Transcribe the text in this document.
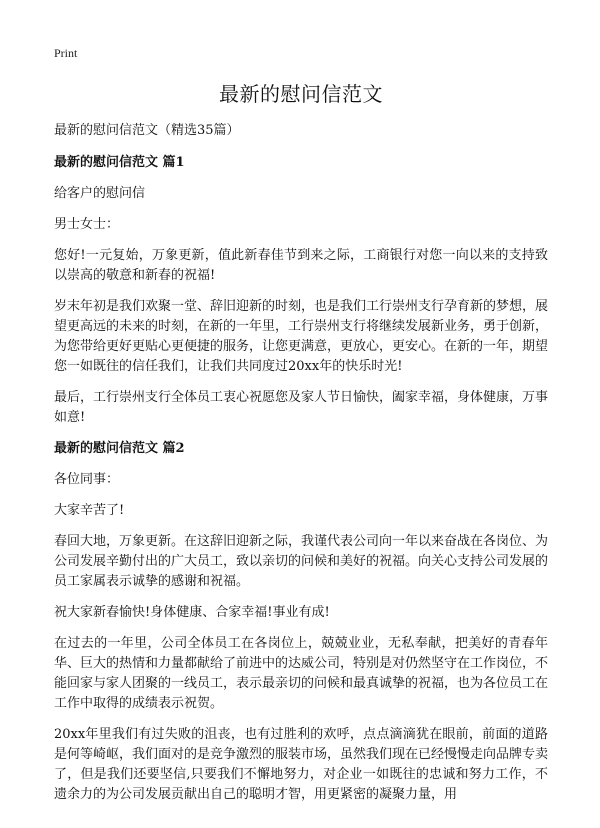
Print
最新的慰问信范文

最新的慰问信范文（精选35篇）

最新的慰问信范文 篇1

给客户的慰问信

男士女士：

您好!一元复始，万象更新，值此新春佳节到来之际，工商银行对您一向以来的支持致以崇高的敬意和新春的祝福!

岁末年初是我们欢聚一堂、辞旧迎新的时刻，也是我们工行崇州支行孕育新的梦想，展望更高远的未来的时刻，在新的一年里，工行崇州支行将继续发展新业务，勇于创新，为您带给更好更贴心更便捷的服务，让您更满意，更放心，更安心。在新的一年，期望您一如既往的信任我们，让我们共同度过20xx年的快乐时光!

最后，工行崇州支行全体员工衷心祝愿您及家人节日愉快，阖家幸福，身体健康，万事如意!

最新的慰问信范文 篇2

各位同事：

大家辛苦了!

春回大地，万象更新。在这辞旧迎新之际，我谨代表公司向一年以来奋战在各岗位、为公司发展辛勤付出的广大员工，致以亲切的问候和美好的祝福。向关心支持公司发展的员工家属表示诚挚的感谢和祝福。

祝大家新春愉快!身体健康、合家幸福!事业有成!

在过去的一年里，公司全体员工在各岗位上，兢兢业业，无私奉献，把美好的青春年华、巨大的热情和力量都献给了前进中的达威公司，特别是对仍然坚守在工作岗位，不能回家与家人团聚的一线员工，表示最亲切的问候和最真诚挚的祝福，也为各位员工在工作中取得的成绩表示祝贺。

20xx年里我们有过失败的沮丧，也有过胜利的欢呼，点点滴滴犹在眼前，前面的道路是何等崎岖，我们面对的是竞争激烈的服装市场，虽然我们现在已经慢慢走向品牌专卖了，但是我们还要坚信,只要我们不懈地努力，对企业一如既往的忠诚和努力工作，不遗余力的为公司发展贡献出自己的聪明才智，用更紧密的凝聚力量，用
